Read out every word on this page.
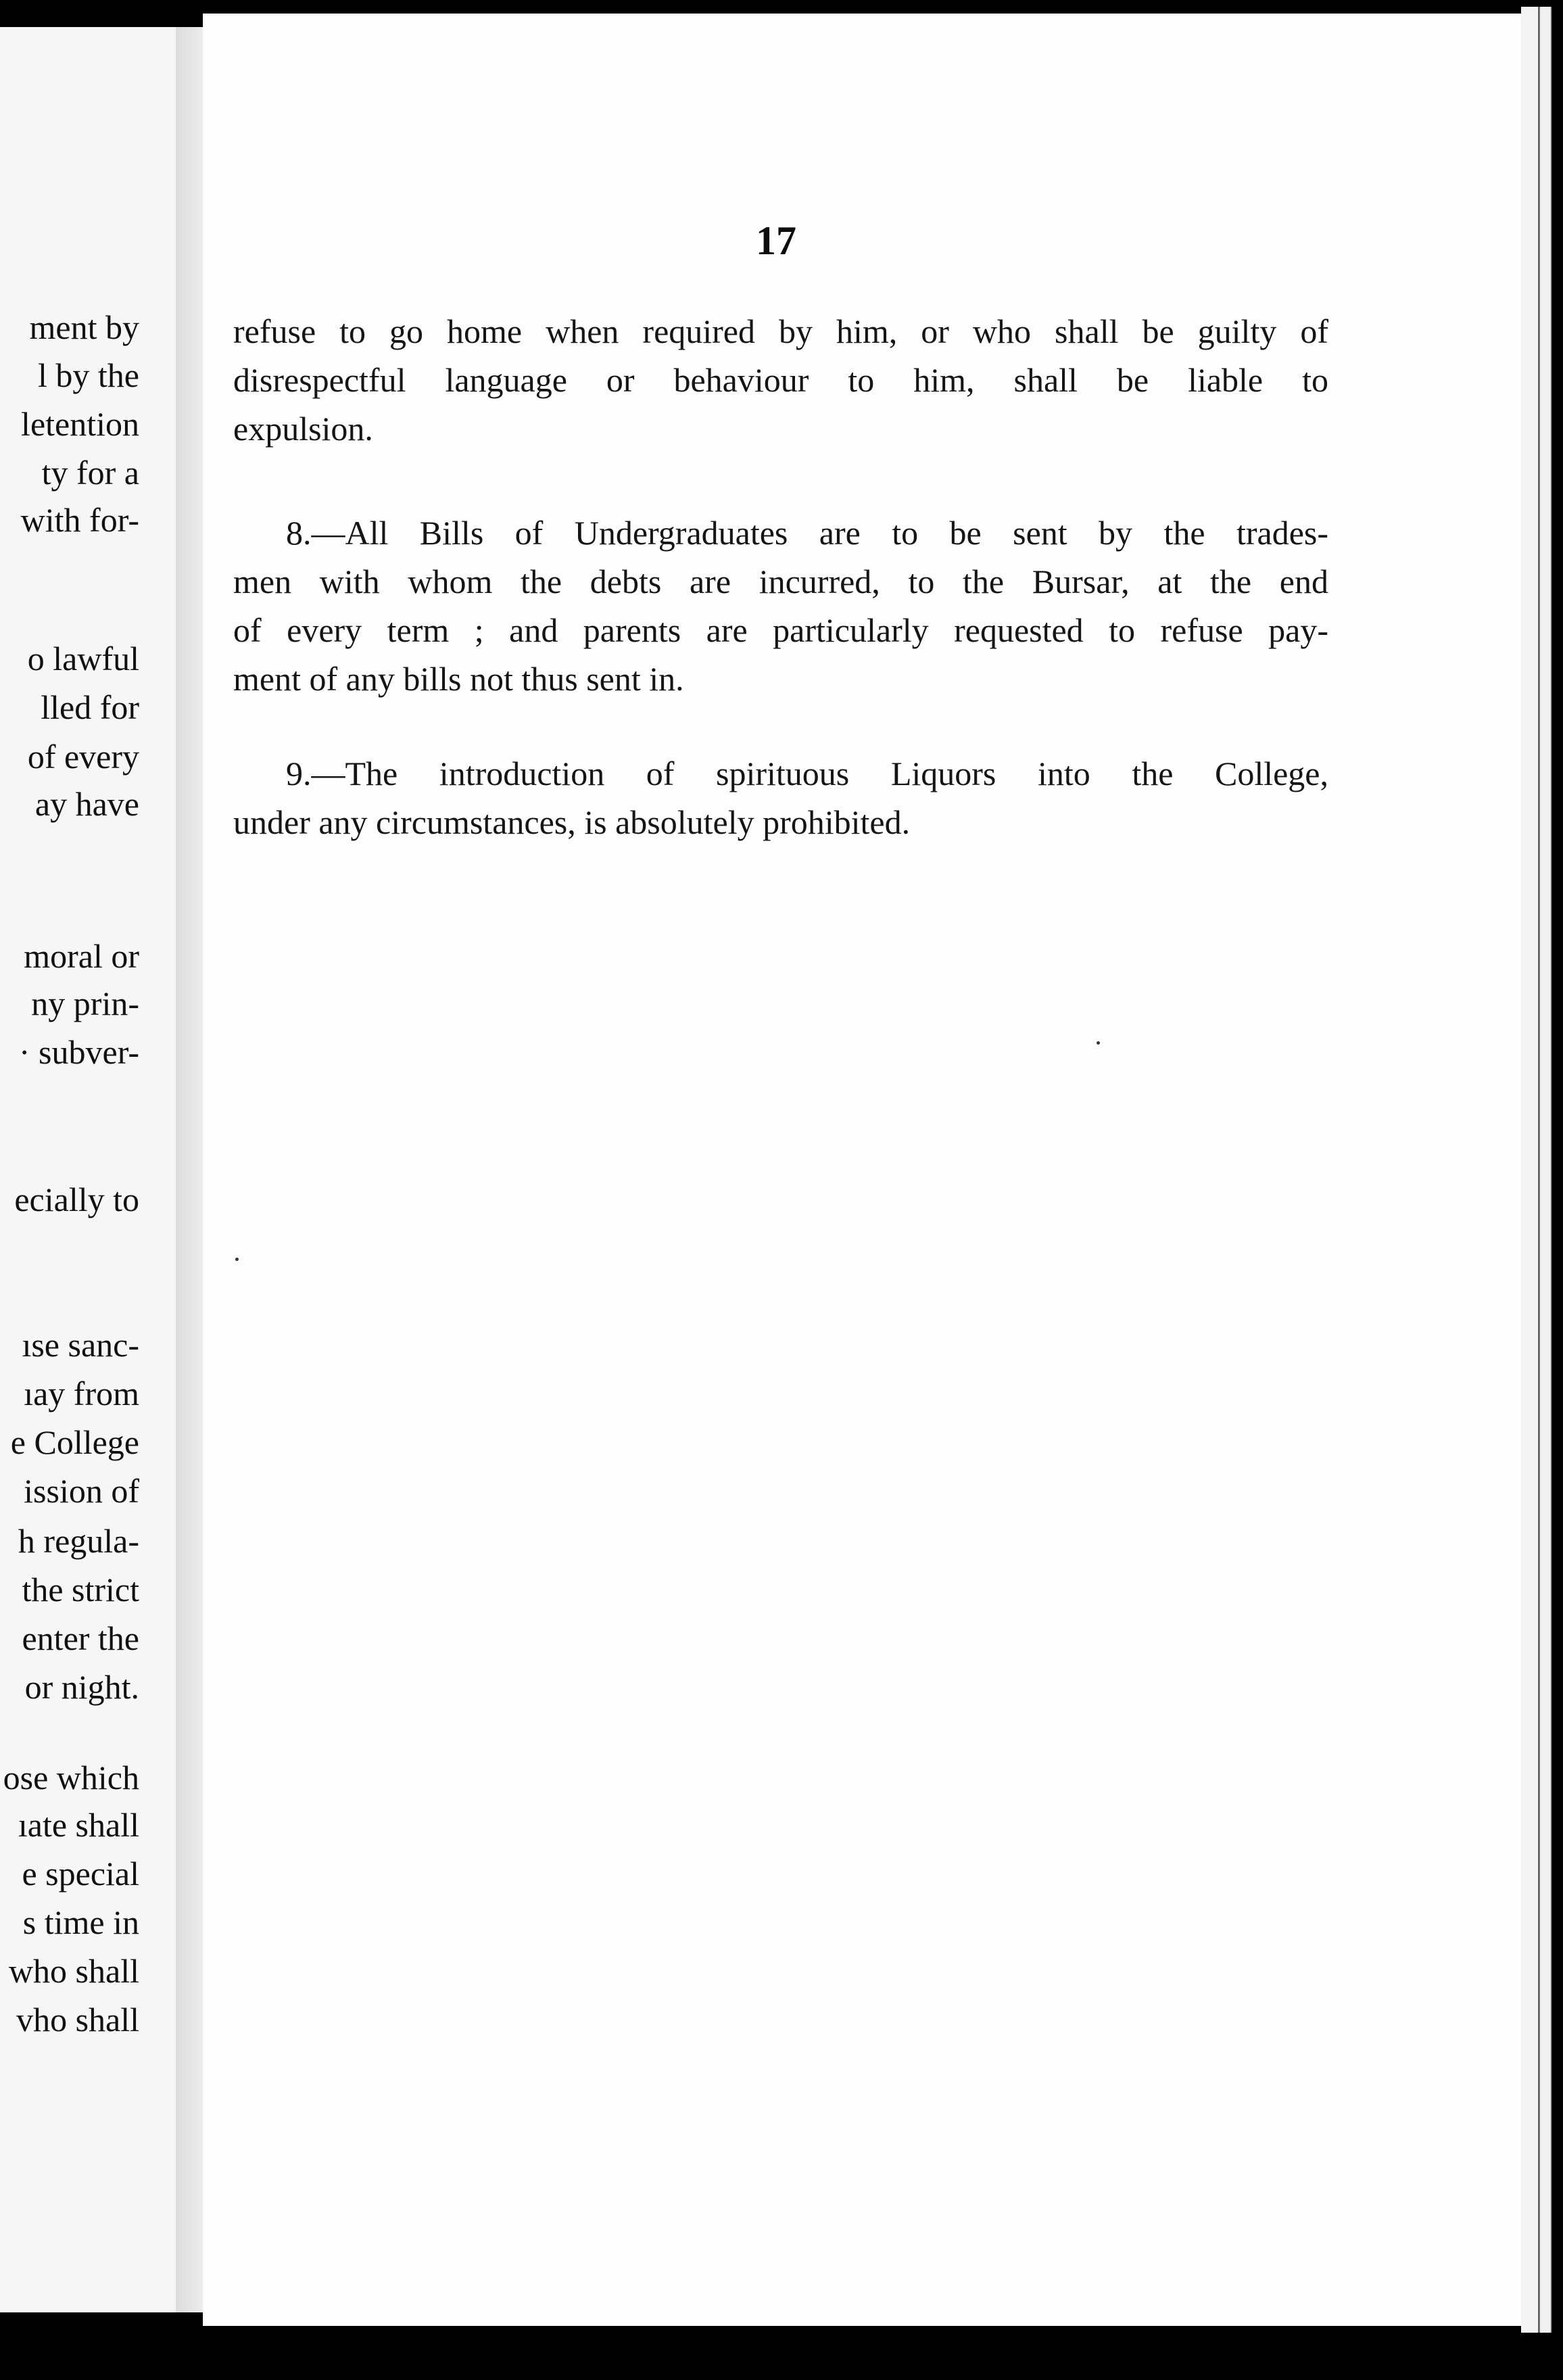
ment by
l by the
letention
ty for a
with for-
o lawful
lled for
of every
ay have
moral or
ny prin-
· subver-
ecially to
ıse sanc-
ıay from
e College
ission of
h regula-
the strict
enter the
or night.
ose which
ıate shall
e special
s time in
who shall
vho shall
17

refuse to go home when required by him, or who shall be guilty of
disrespectful language or behaviour to him, shall be liable to
expulsion.

8.—All Bills of Undergraduates are to be sent by the trades-
men with whom the debts are incurred, to the Bursar, at the end
of every term ; and parents are particularly requested to refuse pay-
ment of any bills not thus sent in.

9.—The introduction of spirituous Liquors into the College,
under any circumstances, is absolutely prohibited.
